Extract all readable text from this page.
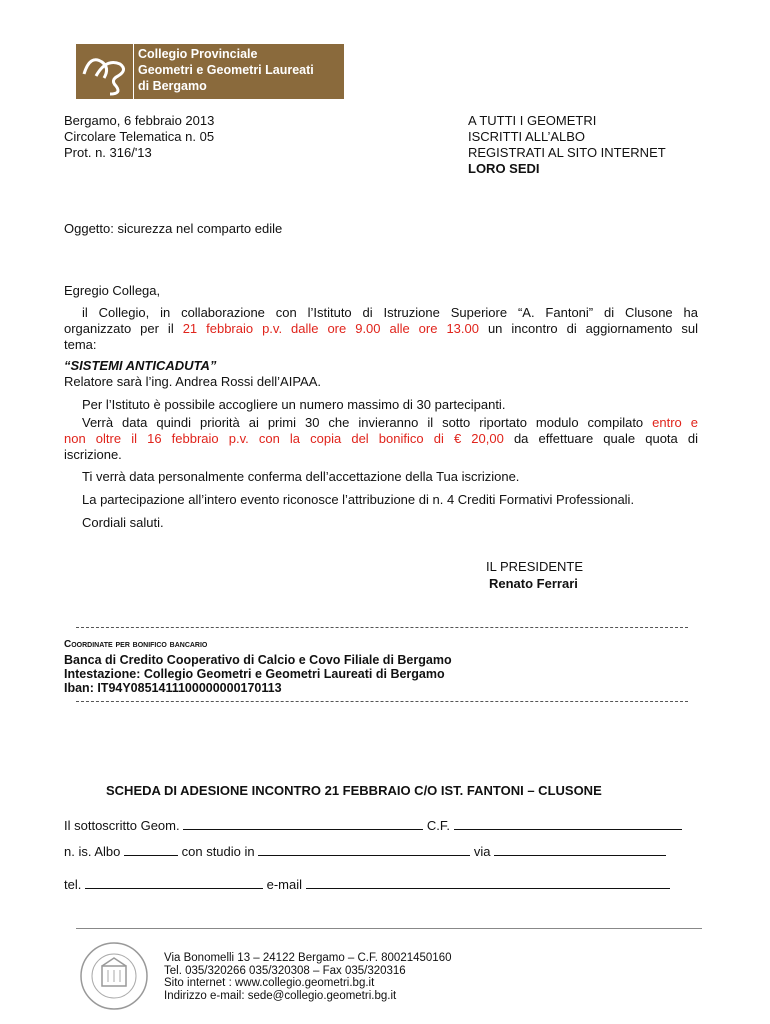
Collegio Provinciale
Geometri e Geometri Laureati
di Bergamo
Bergamo, 6 febbraio 2013
Circolare Telematica n. 05
Prot. n. 316/'13
A TUTTI I GEOMETRI
ISCRITTI ALL’ALBO
REGISTRATI AL SITO INTERNET
LORO SEDI
Oggetto: sicurezza nel comparto edile
Egregio Collega,
il Collegio, in collaborazione con l’Istituto di Istruzione Superiore “A. Fantoni” di Clusone ha
organizzato per il 21 febbraio p.v. dalle ore 9.00 alle ore 13.00 un incontro di aggiornamento sul
tema:
“SISTEMI ANTICADUTA”
Relatore sarà l’ing. Andrea Rossi dell’AIPAA.
Per l’Istituto è possibile accogliere un numero massimo di 30 partecipanti.
Verrà data quindi priorità ai primi 30 che invieranno il sotto riportato modulo compilato entro e
non oltre il 16 febbraio p.v. con la copia del bonifico di € 20,00 da effettuare quale quota di
iscrizione.
Ti verrà data personalmente conferma dell’accettazione della Tua iscrizione.
La partecipazione all’intero evento riconosce l’attribuzione di n. 4 Crediti Formativi Professionali.
Cordiali saluti.
IL PRESIDENTE
Renato Ferrari
Coordinate per bonifico bancario
Banca di Credito Cooperativo di Calcio e Covo Filiale di Bergamo
Intestazione: Collegio Geometri e Geometri Laureati di Bergamo
Iban: IT94Y0851411100000000170113
SCHEDA DI ADESIONE INCONTRO 21 FEBBRAIO C/O IST. FANTONI – CLUSONE
Il sottoscritto Geom.	C.F.
n. is. Albo	con studio in	via
tel.	e-mail
Via Bonomelli 13 – 24122 Bergamo – C.F. 80021450160
Tel. 035/320266 035/320308 – Fax 035/320316
Sito internet : www.collegio.geometri.bg.it
Indirizzo e-mail: sede@collegio.geometri.bg.it
